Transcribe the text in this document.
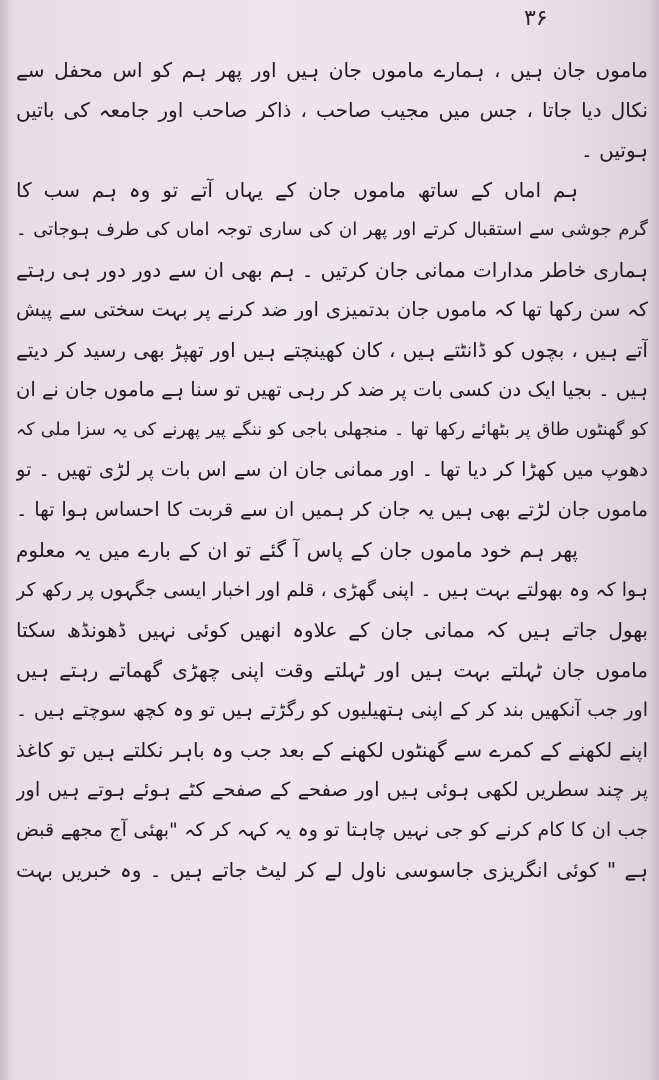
۳۶
ماموں جان ہیں ، ہمارے ماموں جان ہیں اور پھر ہم کو اس محفل سے
نکال دیا جاتا ، جس میں مجیب صاحب ، ذاکر صاحب اور جامعہ کی باتیں
ہوتیں ۔
ہم اماں کے ساتھ ماموں جان کے یہاں آتے تو وہ ہم سب کا
گرم جوشی سے استقبال کرتے اور پھر ان کی ساری توجہ اماں کی طرف ہوجاتی ۔
ہماری خاطر مدارات ممانی جان کرتیں ۔ ہم بھی ان سے دور دور ہی رہتے
کہ سن رکھا تھا کہ ماموں جان بدتمیزی اور ضد کرنے پر بہت سختی سے پیش
آتے ہیں ، بچوں کو ڈانٹتے ہیں ، کان کھینچتے ہیں اور تھپڑ بھی رسید کر دیتے
ہیں ۔ بجیا ایک دن کسی بات پر ضد کر رہی تھیں تو سنا ہے ماموں جان نے ان
کو گھنٹوں طاق پر بٹھائے رکھا تھا ۔ منجھلی باجی کو ننگے پیر پھرنے کی یہ سزا ملی کہ
دھوپ میں کھڑا کر دیا تھا ۔ اور ممانی جان ان سے اس بات پر لڑی تھیں ۔ تو
ماموں جان لڑتے بھی ہیں یہ جان کر ہمیں ان سے قربت کا احساس ہوا تھا ۔
پھر ہم خود ماموں جان کے پاس آ گئے تو ان کے بارے میں یہ معلوم
ہوا کہ وہ بھولتے بہت ہیں ۔ اپنی گھڑی ، قلم اور اخبار ایسی جگہوں پر رکھ کر
بھول جاتے ہیں کہ ممانی جان کے علاوہ انھیں کوئی نہیں ڈھونڈھ سکتا
ماموں جان ٹہلتے بہت ہیں اور ٹہلتے وقت اپنی چھڑی گھماتے رہتے ہیں
اور جب آنکھیں بند کر کے اپنی ہتھیلیوں کو رگڑتے ہیں تو وہ کچھ سوچتے ہیں ۔
اپنے لکھنے کے کمرے سے گھنٹوں لکھنے کے بعد جب وہ باہر نکلتے ہیں تو کاغذ
پر چند سطریں لکھی ہوئی ہیں اور صفحے کے صفحے کٹے ہوئے ہوتے ہیں اور
جب ان کا کام کرنے کو جی نہیں چاہتا تو وہ یہ کہہ کر کہ "بھئی آج مجھے قبض
ہے " کوئی انگریزی جاسوسی ناول لے کر لیٹ جاتے ہیں ۔ وہ خبریں بہت
